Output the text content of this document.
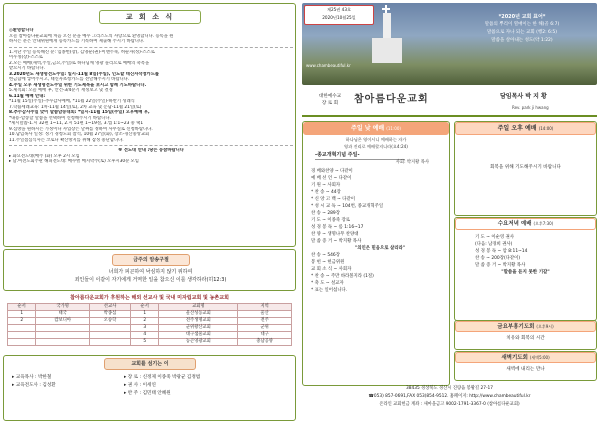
교 회 소 식

◎환영합니다

오늘 참아름다운교회에 처음 오신 분을 예수 그리스도의 사랑으로 환영합니다. 등록을 원

하시는 분은 안내위원에게 등록카드를 기록하여 제출해 주시기 바랍니다.

1.지난 주일 등록해신 분: 임종헌(장), 김영순(권)-이맨두죽, 허순자(성)-스스로

이우정(장)-스스로

2.모든 예배(새벽,주일,금요,주일)로 하나님께 영광 돌리으로 예배의 축복을

받으시기 바랍니다.

3.2020년도 새생명전도주일: 일시-11월 8일(주일), 인도할 태신자작정카드를

헌금함에 넣어주시고, 태신자초청카드를 전달해주시기 바랍니다.

4.주일 오후 새생명전도주일 위한 기도제목을 보시고 함께 기도바랍니다.

5.제직회: 오늘 예배 후, 안건-3/4분기 재정보고 및 결정

6.11월 예배 안내:

*11월 15일(주일)-추수감사예배, *11월 22일(주일)-하반기 성례식

7.학습세례교육: 1차-11월 14일(토), 2차 교육 및 문답-11월 21일(토)

8.추수감사주일 맞이 말씀암송대회: *일시-11월 15일(주일) 오후예배 후,

*내용-암송할 말씀을 선택하여 신청해주시기 바랍니다.

*제시말씀-1.시 32편 1~11, 2.시 51편 1~19절, 3.엡 1:1~23 중 택1

9.심방을 원하시는 가정이나 사업장은 날짜를 정하여 사무실로 신청바랍니다.

10.담임목사 일정: 정기 경청노회 참석, 10월 27일(화), 장소-경산중앙교회

11.주일점심식사는 코로나 확산방지를 위해 잠정 중단합니다.

※ 전도대 안내 :땅은 동참바랍니다

▸ 화요전도대(매주 (화) 오후 2시 모임

▸ 남.여전도회주관 해피전도대: 매수별 매지막주(토) 오후시30분 모임

금주의 암송구절
너희가 피곤하여 낙심하지 않기 위하여
죄인들이 이같이 자기에게 거역한 일을 참으신 이를 생각하라(히12:3)
참아름다운교회가 후원하는 해외 선교사 및 국내 미자립교회 및 농촌교회
순서	국가명	선교사	순서	교회명	지역
1	태국	박종섬	1	울산성동교회	울산
2	캄보디아	오승학	2	전주생명교회	전주
			3	군위왕산교회	군위
			4	대구샘물교회	대구
			5	농곤영광교회	충남공양
교회를 섬기는 이
▸ 교육목사 : 박한철
▸ 교육전도사 : 김성환
▸ 장 로 : 신정제 이종죽 박광균 김정범
▸ 권 사 : 이세연
▸ 반 주 : 김민태 안혜원
*2020년 교회 표어*
말씀의 뿌리이 열매이는 한 해(골 6:7)
말씀으로 자나 되는 교회 (행2: 6:5)
말씀을 살아내는 성도(약 1:22)
www.chambeautiful.kr
제25권 43호
2020년10월25일
대한예수교
장 로 회	참아름다운교회	담임목사 박 지 황
Rev. park ji hwang
주일 낮 예배 (11:00)
하나님은 영이시니 예배하는 자가
영과 진리로 예배할지니라(요4:24)
-종교개혁기념 주일-
사회: 박지황 목사
경 배와찬양 ~ 다같이
예 배 선 언 ~ 다같이
기 원 ~ 사회자
* 찬 송 ~ 44장
* 신 앙 고 백 ~ 다같이
* 성 시 교 독 ~ 104번, 종교개혁주일
찬 송 ~ 289장
기 도 ~ 이종죽 장로
성 경 봉 독 ~ 롬 1:16~17
찬 양 ~ 생명나무 찬양대
말 씀 증 거 ~ 박지황 목사
"의인은 믿음으로 살리라"
찬 송 ~ 546장
봉 헌 ~ 헌금위원
교 회 소 식 ~ 사회자
* 찬 송 ~ 주만 바라볼지라 (1절)
* 축 도 ~ 설교자
* 표는 일어섭니다.
주일 오후 예배 (14:00)
회복을 위해 기도해주시기 바랍니다
수요저녁 예배 (오후7:30)
기 도 ~ 이순영 권사
(다음: 남경희 권사)
성 경 봉 독 ~ 암 8:11~14
찬 송 ~ 200장(다같이)
말 씀 증 거 ~ 박지황 목사
"말씀을 듣지 못한 기갈"
금요부흥기도회 (오후9시)
치유와 회복의 시간
새벽기도회 (새벽5:00)
새벽에 내리는 만나
38435 경상북도 경산시 진량읍 봉황길 27-17
☎053) 857-0691,FAX 053)854-9512. 홈페이지: http://www.chambeautiful.kr
온라인 교회헌금 계좌 : 새마을금고 9002-1791-3367-0 (참아름다운교회)
